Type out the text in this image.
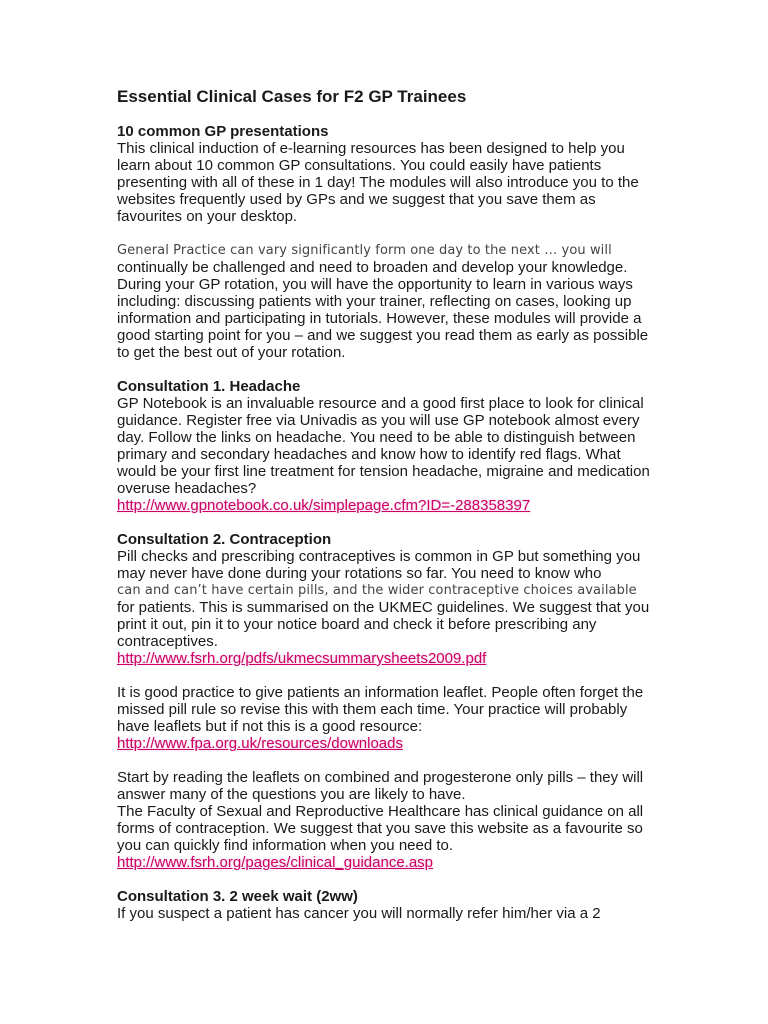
Essential Clinical Cases for F2 GP Trainees

10 common GP presentations

This clinical induction of e-learning resources has been designed to help you learn about 10 common GP consultations. You could easily have patients presenting with all of these in 1 day! The modules will also introduce you to the websites frequently used by GPs and we suggest that you save them as favourites on your desktop.

General Practice can vary significantly form one day to the next … you will

continually be challenged and need to broaden and develop your knowledge. During your GP rotation, you will have the opportunity to learn in various ways including: discussing patients with your trainer, reflecting on cases, looking up information and participating in tutorials. However, these modules will provide a good starting point for you – and we suggest you read them as early as possible to get the best out of your rotation.

Consultation 1. Headache

GP Notebook is an invaluable resource and a good first place to look for clinical guidance. Register free via Univadis as you will use GP notebook almost every day. Follow the links on headache. You need to be able to distinguish between primary and secondary headaches and know how to identify red flags. What would be your first line treatment for tension headache, migraine and medication overuse headaches?

http://www.gpnotebook.co.uk/simplepage.cfm?ID=-288358397

Consultation 2. Contraception

Pill checks and prescribing contraceptives is common in GP but something you may never have done during your rotations so far. You need to know who

can and can’t have certain pills, and the wider contraceptive choices available

for patients. This is summarised on the UKMEC guidelines. We suggest that you print it out, pin it to your notice board and check it before prescribing any contraceptives.

http://www.fsrh.org/pdfs/ukmecsummarysheets2009.pdf

It is good practice to give patients an information leaflet. People often forget the missed pill rule so revise this with them each time. Your practice will probably have leaflets but if not this is a good resource:

http://www.fpa.org.uk/resources/downloads

Start by reading the leaflets on combined and progesterone only pills – they will answer many of the questions you are likely to have.

The Faculty of Sexual and Reproductive Healthcare has clinical guidance on all forms of contraception. We suggest that you save this website as a favourite so you can quickly find information when you need to.

http://www.fsrh.org/pages/clinical_guidance.asp

Consultation 3. 2 week wait (2ww)

If you suspect a patient has cancer you will normally refer him/her via a 2
